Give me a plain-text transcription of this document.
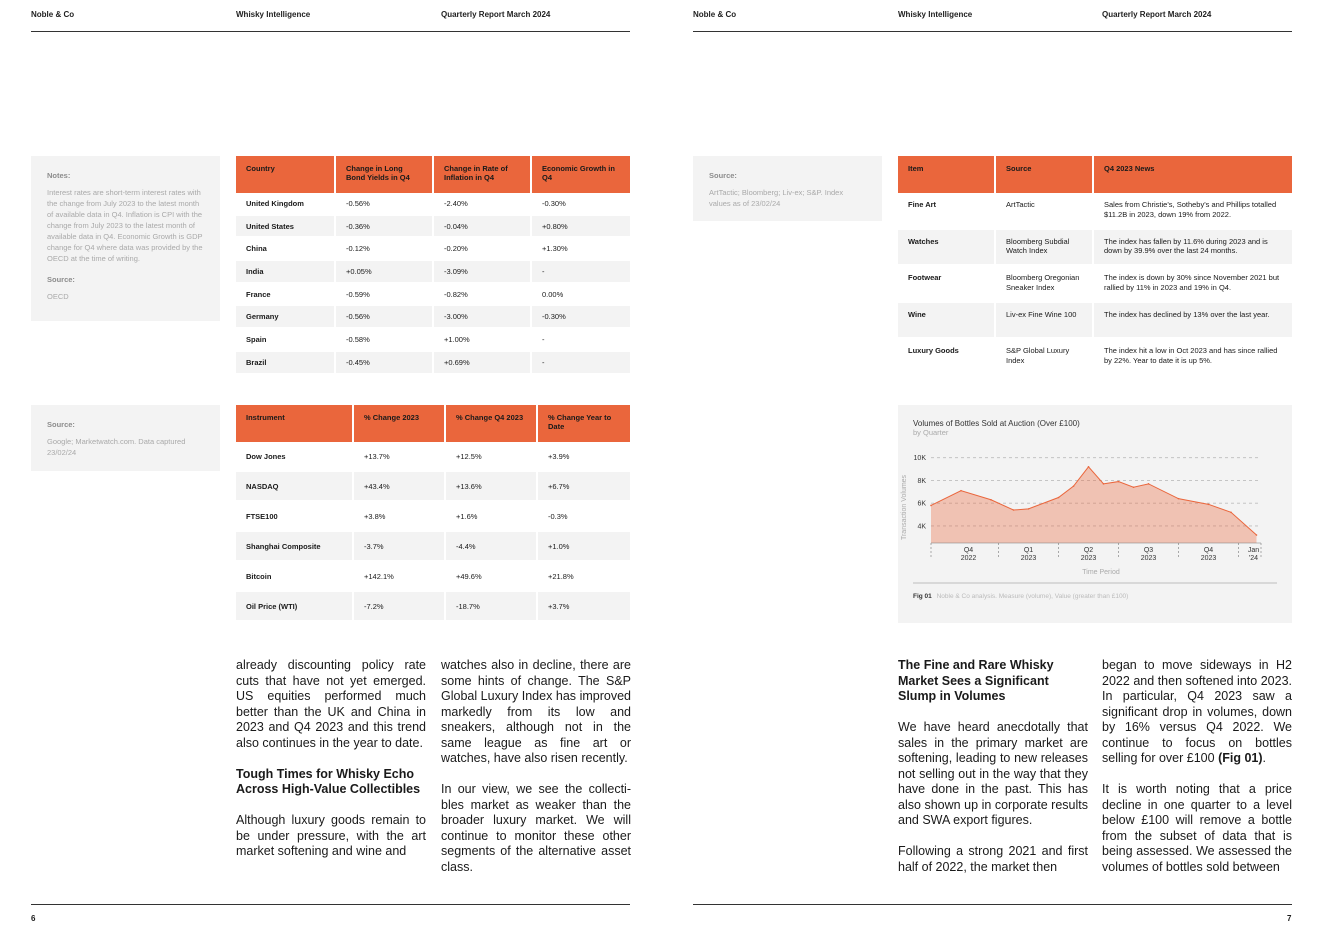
Noble & Co	Whisky Intelligence	Quarterly Report March 2024
Notes:
Interest rates are short-term interest rates with the change from July 2023 to the latest month of available data in Q4. Inflation is CPI with the change from July 2023 to the latest month of available data in Q4. Economic Growth is GDP change for Q4 where data was provided by the OECD at the time of writing.
Source:
OECD
Country	Change in Long Bond Yields in Q4	Change in Rate of Inflation in Q4	Economic Growth in Q4
United Kingdom	-0.56%	-2.40%	-0.30%
United States	-0.36%	-0.04%	+0.80%
China	-0.12%	-0.20%	+1.30%
India	+0.05%	-3.09%	-
France	-0.59%	-0.82%	0.00%
Germany	-0.56%	-3.00%	-0.30%
Spain	-0.58%	+1.00%	-
Brazil	-0.45%	+0.69%	-
Source:
Google; Marketwatch.com. Data captured 23/02/24
Instrument	% Change 2023	% Change Q4 2023	% Change Year to Date
Dow Jones	+13.7%	+12.5%	+3.9%
NASDAQ	+43.4%	+13.6%	+6.7%
FTSE100	+3.8%	+1.6%	-0.3%
Shanghai Composite	-3.7%	-4.4%	+1.0%
Bitcoin	+142.1%	+49.6%	+21.8%
Oil Price (WTI)	-7.2%	-18.7%	+3.7%

already discounting policy rate cuts that have not yet emerged. US equities performed much better than the UK and China in 2023 and Q4 2023 and this trend also continues in the year to date.

Tough Times for Whisky Echo Across High-Value Collectibles

Although luxury goods remain to be under pressure, with the art market softening and wine and

watches also in decline, there are some hints of change. The S&P Global Luxury Index has improved markedly from its low and sneakers, although not in the same league as fine art or watches, have also risen recently.

In our view, we see the collecti-bles market as weaker than the broader luxury market. We will continue to monitor these other segments of the alternative asset class.

6
Noble & Co	Whisky Intelligence	Quarterly Report March 2024
Source:
ArtTactic; Bloomberg; Liv-ex; S&P. Index values as of 23/02/24
Item	Source	Q4 2023 News
Fine Art	ArtTactic	Sales from Christie's, Sotheby's and Phillips totalled $11.2B in 2023, down 19% from 2022.
Watches	Bloomberg Subdial Watch Index	The index has fallen by 11.6% during 2023 and is down by 39.9% over the last 24 months.
Footwear	Bloomberg Oregonian Sneaker Index	The index is down by 30% since November 2021 but rallied by 11% in 2023 and 19% in Q4.
Wine	Liv-ex Fine Wine 100	The index has declined by 13% over the last year.
Luxury Goods	S&P Global Luxury Index	The index hit a low in Oct 2023 and has since rallied by 22%. Year to date it is up 5%.
Volumes of Bottles Sold at Auction (Over £100)
by Quarter
4K
6K
8K
10K
Q4
2022
Q1
2023
Q2
2023
Q3
2023
Q4
2023
Jan
'24
Time Period
Transaction Volumes
Fig 01 Noble & Co analysis. Measure (volume), Value (greater than £100)
The Fine and Rare Whisky Market Sees a Significant Slump in Volumes

We have heard anecdotally that sales in the primary market are softening, leading to new releases not selling out in the way that they have done in the past. This has also shown up in corporate results and SWA export figures.

Following a strong 2021 and first half of 2022, the market then

began to move sideways in H2 2022 and then softened into 2023. In particular, Q4 2023 saw a significant drop in volumes, down by 16% versus Q4 2022. We continue to focus on bottles selling for over £100 (Fig 01).

It is worth noting that a price decline in one quarter to a level below £100 will remove a bottle from the subset of data that is being assessed. We assessed the volumes of bottles sold between

7
